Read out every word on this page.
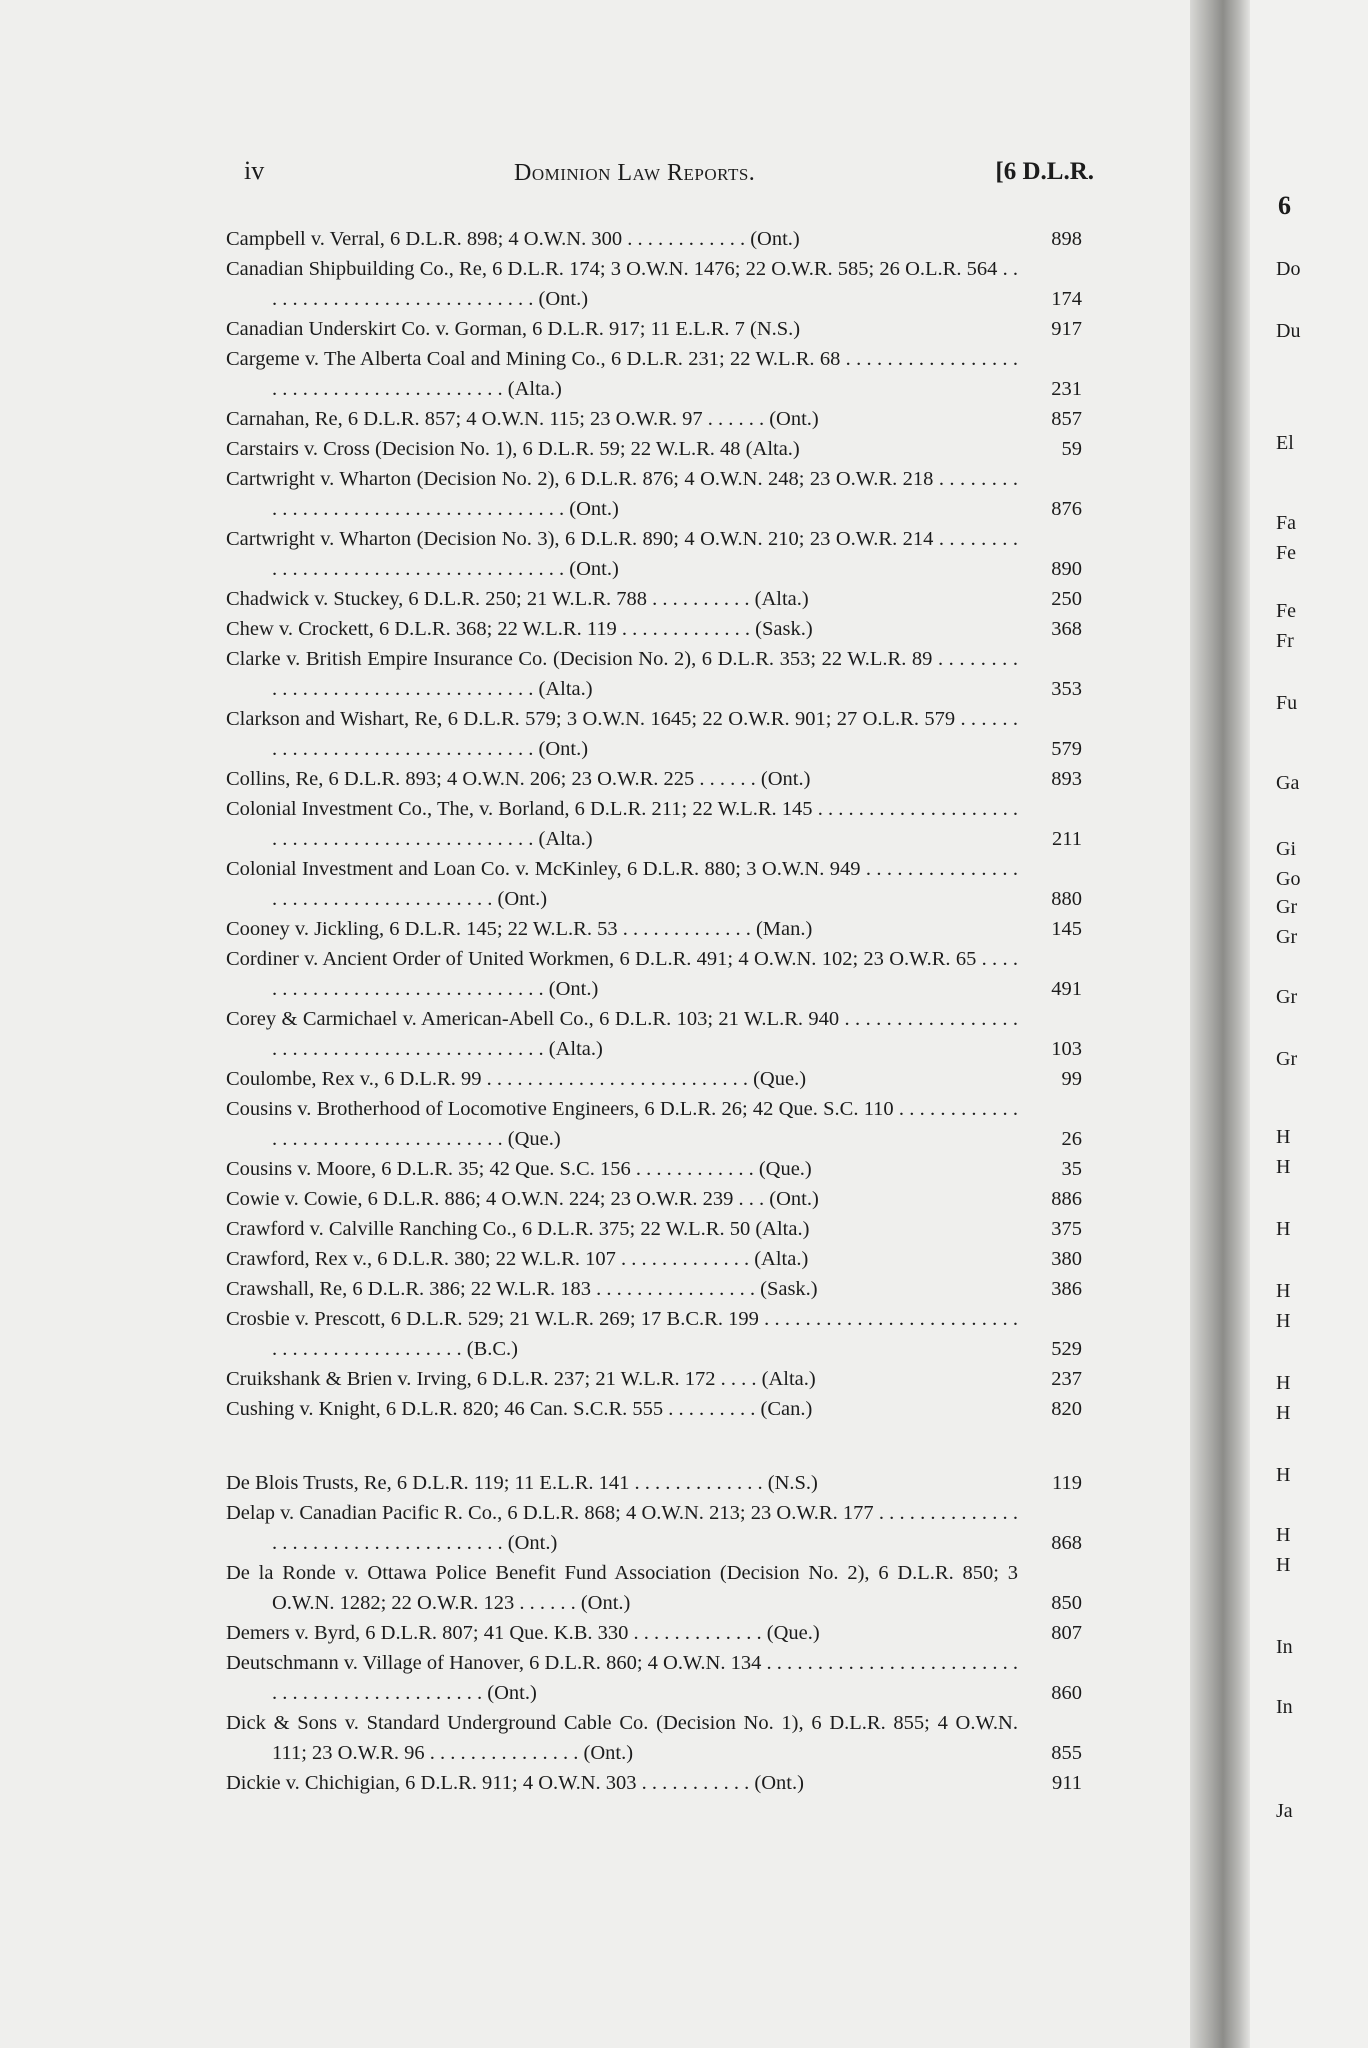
6
Do
Du
El
Fa
Fe
Fe
Fr
Fu
Ga
Gi
Go
Gr
Gr
Gr
Gr
H
H
H
H
H
H
H
H
H
H
In
In
Ja
iv	Dominion Law Reports.	[6 D.L.R.
Campbell v. Verral, 6 D.L.R. 898; 4 O.W.N. 300 . . . . . . . . . . . . (Ont.)	898
Canadian Shipbuilding Co., Re, 6 D.L.R. 174; 3 O.W.N. 1476; 22 O.W.R. 585; 26 O.L.R. 564 . . . . . . . . . . . . . . . . . . . . . . . . . . . . (Ont.)	174
Canadian Underskirt Co. v. Gorman, 6 D.L.R. 917; 11 E.L.R. 7 (N.S.)	917
Cargeme v. The Alberta Coal and Mining Co., 6 D.L.R. 231; 22 W.L.R. 68 . . . . . . . . . . . . . . . . . . . . . . . . . . . . . . . . . . . . . . . . (Alta.)	231
Carnahan, Re, 6 D.L.R. 857; 4 O.W.N. 115; 23 O.W.R. 97 . . . . . . (Ont.)	857
Carstairs v. Cross (Decision No. 1), 6 D.L.R. 59; 22 W.L.R. 48 (Alta.)	59
Cartwright v. Wharton (Decision No. 2), 6 D.L.R. 876; 4 O.W.N. 248; 23 O.W.R. 218 . . . . . . . . . . . . . . . . . . . . . . . . . . . . . . . . . . . . . (Ont.)	876
Cartwright v. Wharton (Decision No. 3), 6 D.L.R. 890; 4 O.W.N. 210; 23 O.W.R. 214 . . . . . . . . . . . . . . . . . . . . . . . . . . . . . . . . . . . . . (Ont.)	890
Chadwick v. Stuckey, 6 D.L.R. 250; 21 W.L.R. 788 . . . . . . . . . . (Alta.)	250
Chew v. Crockett, 6 D.L.R. 368; 22 W.L.R. 119 . . . . . . . . . . . . . (Sask.)	368
Clarke v. British Empire Insurance Co. (Decision No. 2), 6 D.L.R. 353; 22 W.L.R. 89 . . . . . . . . . . . . . . . . . . . . . . . . . . . . . . . . . . (Alta.)	353
Clarkson and Wishart, Re, 6 D.L.R. 579; 3 O.W.N. 1645; 22 O.W.R. 901; 27 O.L.R. 579 . . . . . . . . . . . . . . . . . . . . . . . . . . . . . . . . (Ont.)	579
Collins, Re, 6 D.L.R. 893; 4 O.W.N. 206; 23 O.W.R. 225 . . . . . . (Ont.)	893
Colonial Investment Co., The, v. Borland, 6 D.L.R. 211; 22 W.L.R. 145 . . . . . . . . . . . . . . . . . . . . . . . . . . . . . . . . . . . . . . . . . . . . . . (Alta.)	211
Colonial Investment and Loan Co. v. McKinley, 6 D.L.R. 880; 3 O.W.N. 949 . . . . . . . . . . . . . . . . . . . . . . . . . . . . . . . . . . . . . (Ont.)	880
Cooney v. Jickling, 6 D.L.R. 145; 22 W.L.R. 53 . . . . . . . . . . . . . (Man.)	145
Cordiner v. Ancient Order of United Workmen, 6 D.L.R. 491; 4 O.W.N. 102; 23 O.W.R. 65 . . . . . . . . . . . . . . . . . . . . . . . . . . . . . . . (Ont.)	491
Corey & Carmichael v. American-Abell Co., 6 D.L.R. 103; 21 W.L.R. 940 . . . . . . . . . . . . . . . . . . . . . . . . . . . . . . . . . . . . . . . . . . . . (Alta.)	103
Coulombe, Rex v., 6 D.L.R. 99 . . . . . . . . . . . . . . . . . . . . . . . . . . (Que.)	99
Cousins v. Brotherhood of Locomotive Engineers, 6 D.L.R. 26; 42 Que. S.C. 110 . . . . . . . . . . . . . . . . . . . . . . . . . . . . . . . . . . . (Que.)	26
Cousins v. Moore, 6 D.L.R. 35; 42 Que. S.C. 156 . . . . . . . . . . . . (Que.)	35
Cowie v. Cowie, 6 D.L.R. 886; 4 O.W.N. 224; 23 O.W.R. 239 . . . (Ont.)	886
Crawford v. Calville Ranching Co., 6 D.L.R. 375; 22 W.L.R. 50 (Alta.)	375
Crawford, Rex v., 6 D.L.R. 380; 22 W.L.R. 107 . . . . . . . . . . . . . (Alta.)	380
Crawshall, Re, 6 D.L.R. 386; 22 W.L.R. 183 . . . . . . . . . . . . . . . . (Sask.)	386
Crosbie v. Prescott, 6 D.L.R. 529; 21 W.L.R. 269; 17 B.C.R. 199 . . . . . . . . . . . . . . . . . . . . . . . . . . . . . . . . . . . . . . . . . . . . (B.C.)	529
Cruikshank & Brien v. Irving, 6 D.L.R. 237; 21 W.L.R. 172 . . . . (Alta.)	237
Cushing v. Knight, 6 D.L.R. 820; 46 Can. S.C.R. 555 . . . . . . . . . (Can.)	820
De Blois Trusts, Re, 6 D.L.R. 119; 11 E.L.R. 141 . . . . . . . . . . . . . (N.S.)	119
Delap v. Canadian Pacific R. Co., 6 D.L.R. 868; 4 O.W.N. 213; 23 O.W.R. 177 . . . . . . . . . . . . . . . . . . . . . . . . . . . . . . . . . . . . . (Ont.)	868
De la Ronde v. Ottawa Police Benefit Fund Association (Decision No. 2), 6 D.L.R. 850; 3 O.W.N. 1282; 22 O.W.R. 123 . . . . . . (Ont.)	850
Demers v. Byrd, 6 D.L.R. 807; 41 Que. K.B. 330 . . . . . . . . . . . . . (Que.)	807
Deutschmann v. Village of Hanover, 6 D.L.R. 860; 4 O.W.N. 134 . . . . . . . . . . . . . . . . . . . . . . . . . . . . . . . . . . . . . . . . . . . . . . (Ont.)	860
Dick & Sons v. Standard Underground Cable Co. (Decision No. 1), 6 D.L.R. 855; 4 O.W.N. 111; 23 O.W.R. 96 . . . . . . . . . . . . . . . (Ont.)	855
Dickie v. Chichigian, 6 D.L.R. 911; 4 O.W.N. 303 . . . . . . . . . . . (Ont.)	911
